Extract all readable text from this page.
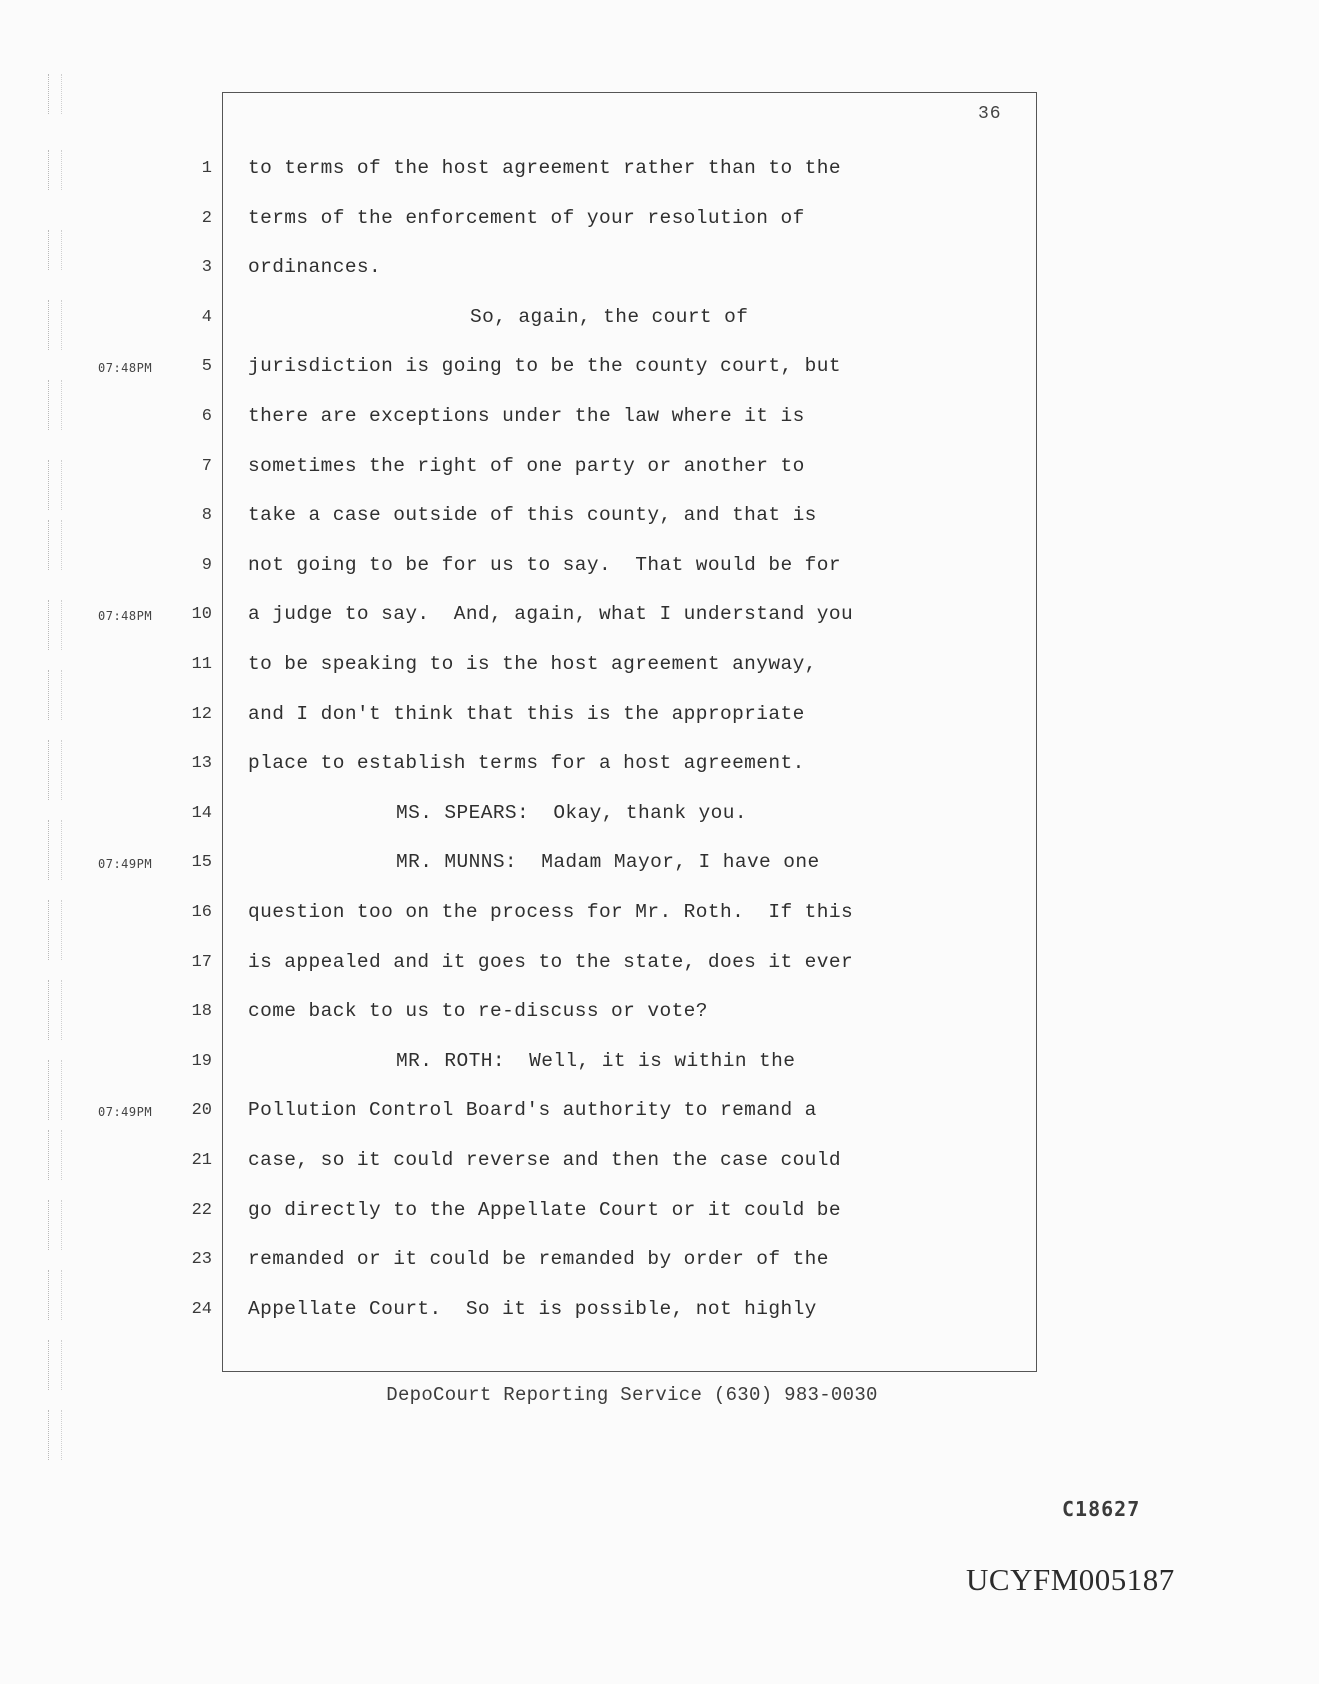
36
1 to terms of the host agreement rather than to the
2 terms of the enforcement of your resolution of
3 ordinances.
4	So, again, the court of
07:48PM	5 jurisdiction is going to be the county court, but
6 there are exceptions under the law where it is
7 sometimes the right of one party or another to
8 take a case outside of this county, and that is
9 not going to be for us to say.  That would be for
07:48PM	10 a judge to say.  And, again, what I understand you
11 to be speaking to is the host agreement anyway,
12 and I don't think that this is the appropriate
13 place to establish terms for a host agreement.
14	MS. SPEARS:  Okay, thank you.
07:49PM	15	MR. MUNNS:  Madam Mayor, I have one
16 question too on the process for Mr. Roth.  If this
17 is appealed and it goes to the state, does it ever
18 come back to us to re-discuss or vote?
19	MR. ROTH:  Well, it is within the
07:49PM	20 Pollution Control Board's authority to remand a
21 case, so it could reverse and then the case could
22 go directly to the Appellate Court or it could be
23 remanded or it could be remanded by order of the
24 Appellate Court.  So it is possible, not highly
DepoCourt Reporting Service (630) 983-0030
C18627
UCYFM005187
